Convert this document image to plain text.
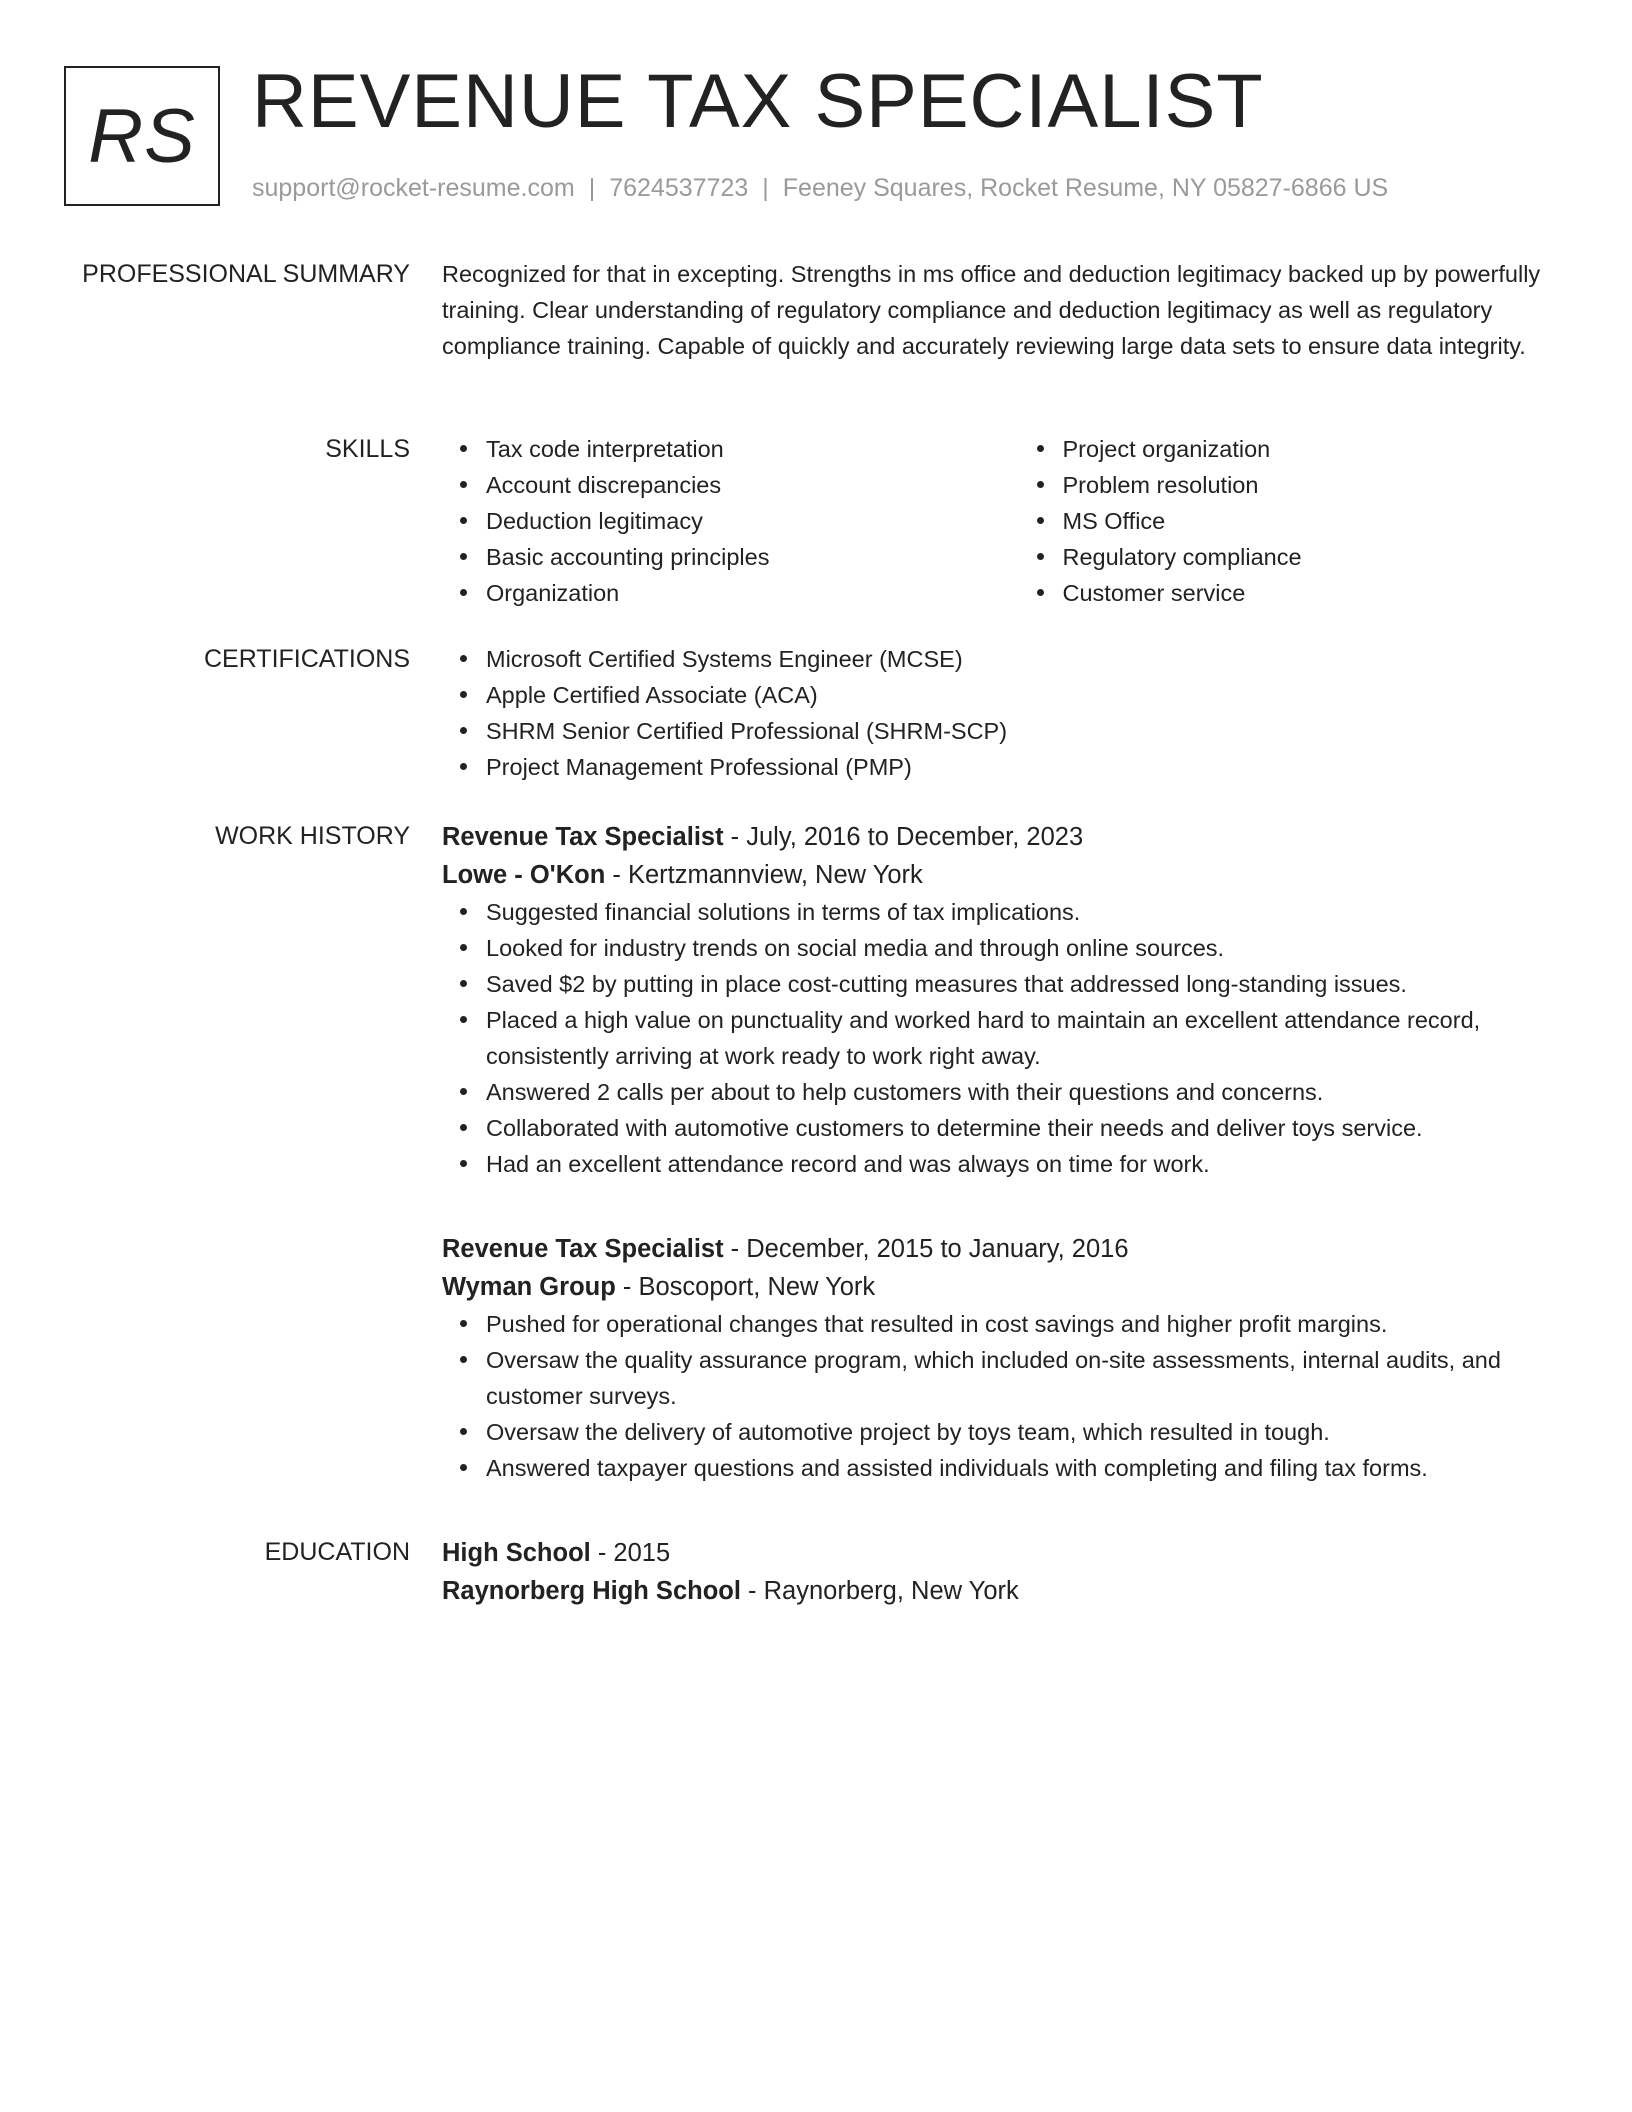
RS REVENUE TAX SPECIALIST
support@rocket-resume.com | 7624537723 | Feeney Squares, Rocket Resume, NY 05827-6866 US
PROFESSIONAL SUMMARY Recognized for that in excepting. Strengths in ms office and deduction legitimacy backed up by powerfully training. Clear understanding of regulatory compliance and deduction legitimacy as well as regulatory compliance training. Capable of quickly and accurately reviewing large data sets to ensure data integrity.

SKILLS	Tax code interpretation
Account discrepancies
Deduction legitimacy
Basic accounting principles
Organization
Project organization
Problem resolution
MS Office
Regulatory compliance
Customer service
CERTIFICATIONS	Microsoft Certified Systems Engineer (MCSE)
Apple Certified Associate (ACA)
SHRM Senior Certified Professional (SHRM-SCP)
Project Management Professional (PMP)
WORK HISTORY Revenue Tax Specialist - July, 2016 to December, 2023
Lowe - O'Kon - Kertzmannview, New York
Suggested financial solutions in terms of tax implications.
Looked for industry trends on social media and through online sources.
Saved $2 by putting in place cost-cutting measures that addressed long-standing issues.
Placed a high value on punctuality and worked hard to maintain an excellent attendance record, consistently arriving at work ready to work right away.
Answered 2 calls per about to help customers with their questions and concerns.
Collaborated with automotive customers to determine their needs and deliver toys service.
Had an excellent attendance record and was always on time for work.
Revenue Tax Specialist - December, 2015 to January, 2016
Wyman Group - Boscoport, New York
Pushed for operational changes that resulted in cost savings and higher profit margins.
Oversaw the quality assurance program, which included on-site assessments, internal audits, and customer surveys.
Oversaw the delivery of automotive project by toys team, which resulted in tough.
Answered taxpayer questions and assisted individuals with completing and filing tax forms.
EDUCATION High School - 2015
Raynorberg High School - Raynorberg, New York
